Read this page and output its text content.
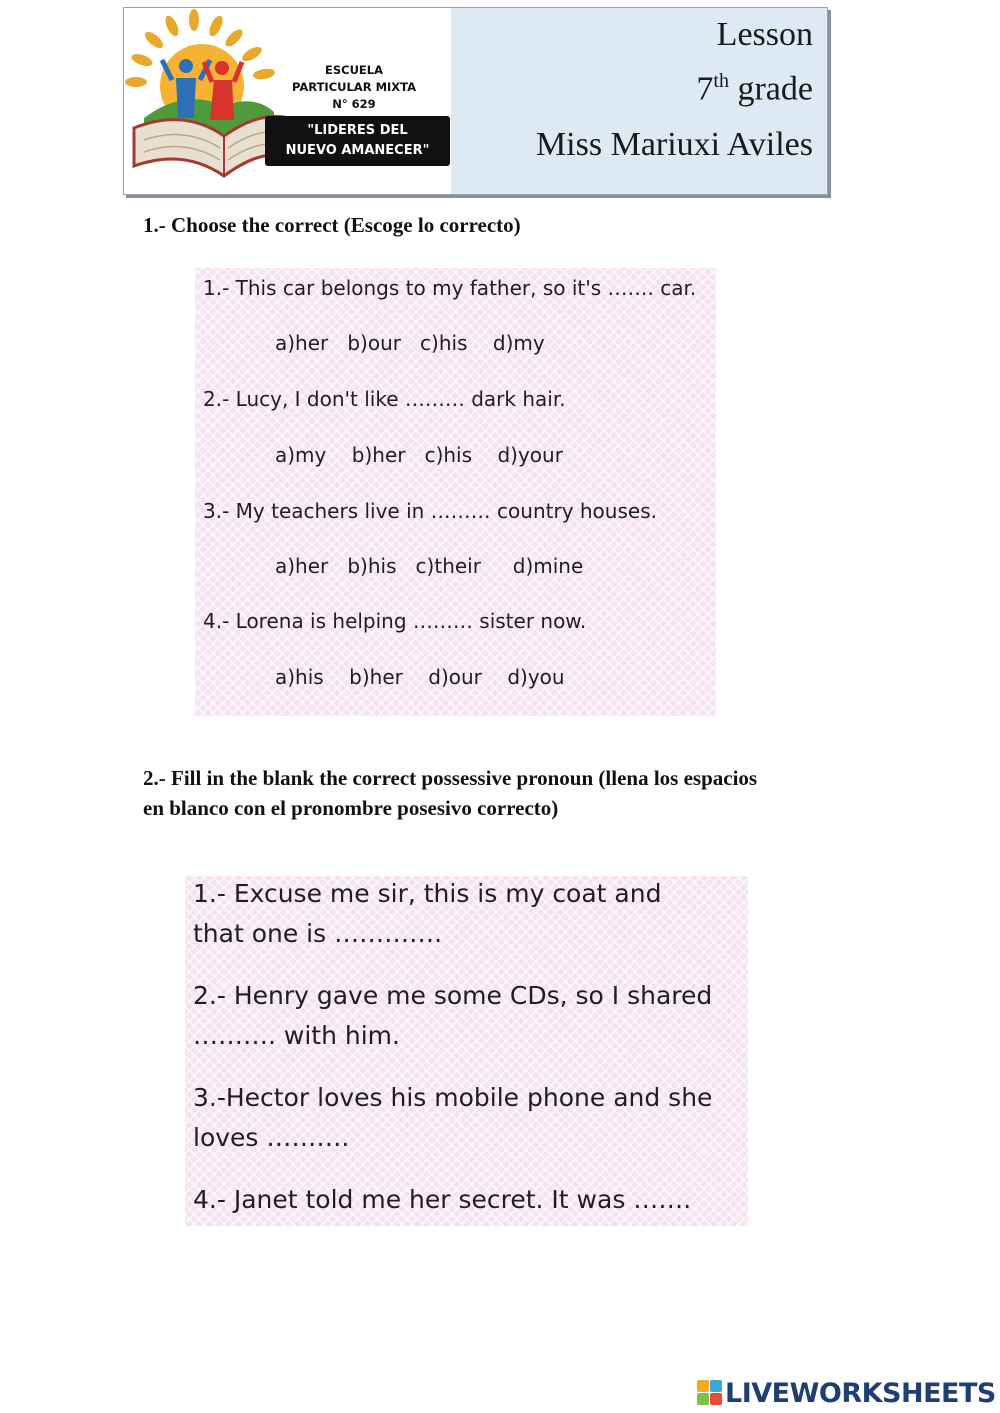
ESCUELA
PARTICULAR MIXTA
N° 629
"LIDERES DEL
NUEVO AMANECER"
Lesson
7th grade
Miss Mariuxi Aviles
1.- Choose the correct (Escoge lo correcto)
1.- This car belongs to my father, so it's ……. car.
a)her   b)our   c)his    d)my
2.- Lucy, I don't like ……… dark hair.
a)my    b)her   c)his    d)your
3.- My teachers live in ……… country houses.
a)her   b)his   c)their     d)mine
4.- Lorena is helping ……… sister now.
a)his    b)her    d)our    d)you
2.- Fill in the blank the correct possessive pronoun (llena los espacios
en blanco con el pronombre posesivo correcto)
1.- Excuse me sir, this is my coat and
that one is ………….
2.- Henry gave me some CDs, so I shared
………. with him.
3.-Hector loves his mobile phone and she
loves ……….
4.- Janet told me her secret. It was …….
LIVEWORKSHEETS
